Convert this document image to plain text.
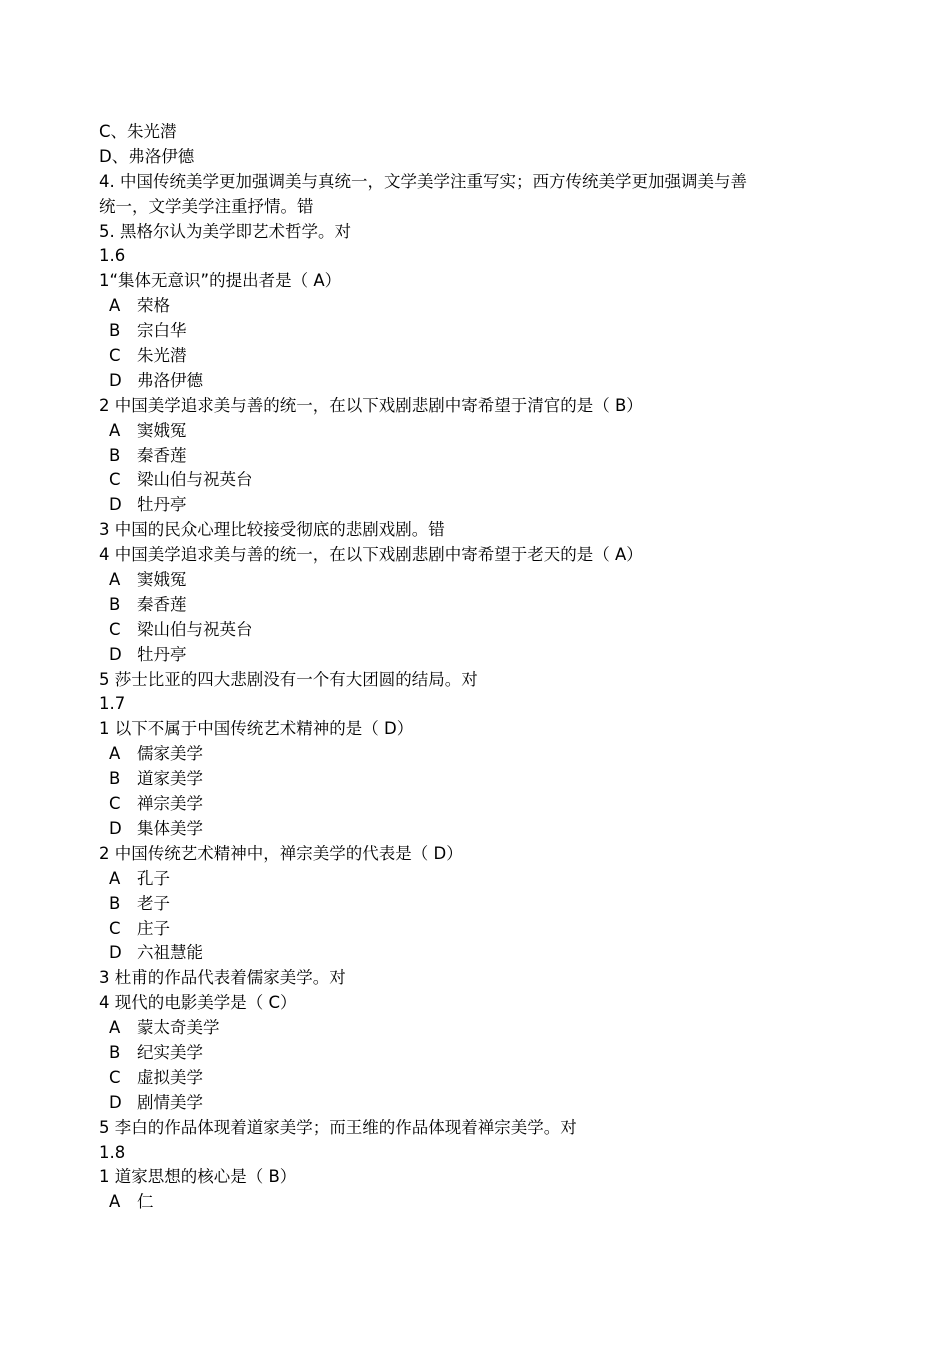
C、朱光潜
D、弗洛伊德
4. 中国传统美学更加强调美与真统一，文学美学注重写实；西方传统美学更加强调美与善
统一，文学美学注重抒情。错
5. 黑格尔认为美学即艺术哲学。对
1.6
1“集体无意识”的提出者是（ A）
A 荣格
B 宗白华
C 朱光潜
D 弗洛伊德
2 中国美学追求美与善的统一，在以下戏剧悲剧中寄希望于清官的是（ B）
A 窦娥冤
B 秦香莲
C 梁山伯与祝英台
D 牡丹亭
3 中国的民众心理比较接受彻底的悲剧戏剧。错
4 中国美学追求美与善的统一，在以下戏剧悲剧中寄希望于老天的是（ A）
A 窦娥冤
B 秦香莲
C 梁山伯与祝英台
D 牡丹亭
5 莎士比亚的四大悲剧没有一个有大团圆的结局。对
1.7
1 以下不属于中国传统艺术精神的是（ D）
A 儒家美学
B 道家美学
C 禅宗美学
D 集体美学
2 中国传统艺术精神中，禅宗美学的代表是（ D）
A 孔子
B 老子
C 庄子
D 六祖慧能
3 杜甫的作品代表着儒家美学。对
4 现代的电影美学是（ C）
A 蒙太奇美学
B 纪实美学
C 虚拟美学
D 剧情美学
5 李白的作品体现着道家美学；而王维的作品体现着禅宗美学。对
1.8
1 道家思想的核心是（ B）
A 仁
